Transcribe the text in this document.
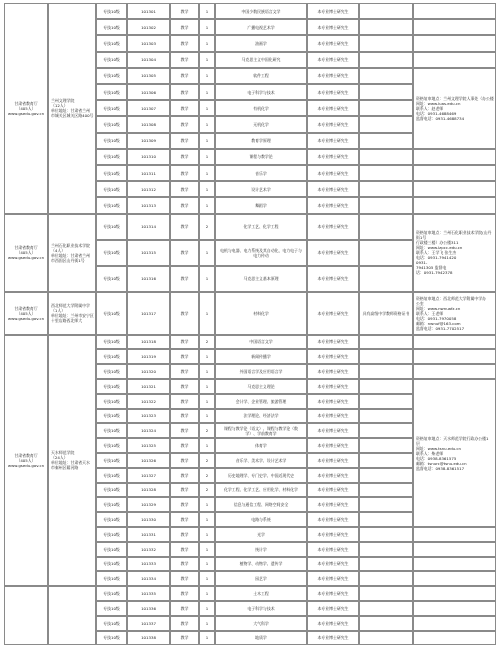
甘肃省教育厅
（405人）
www.gsedu.gov.cn
兰州文理学院
（12人）
单位地址：甘肃省兰州
市城关区城关区路400号
专技10级	101301	教学	1	中国少数民族语言文学	本专业博士研究生
专技10级	101302	教学	1	广播电视艺术学	本专业博士研究生
专技10级	101303	教学	1	油画学	本专业博士研究生
专技10级	101304	教学	1	马克思主义中国化研究	本专业博士研究生
专技10级	101305	教学	1	软件工程	本专业博士研究生
专技10级	101306	教学	1	电子科学与技术	本专业博士研究生
专技10级	101307	教学	1	有机化学	本专业博士研究生
专技10级	101308	教学	1	无机化学	本专业博士研究生
专技10级	101309	教学	1	教育学原理	本专业博士研究生
专技10级	101310	教学	1	课程与教学论	本专业博士研究生
专技10级	101311	教学	1	音乐学	本专业博士研究生
专技10级	101312	教学	1	设计艺术学	本专业博士研究生
专技10级	101313	教学	1	舞蹈学	本专业博士研究生
资格复审地点：兰州文理学院人事处（办公楼
网址：www.luas.edu.cn
联系人：赵老师
电话：0931-4688469
监督电话：0931-4688734
甘肃省教育厅
（405人）
www.gsedu.gov.cn
兰州石化职业技术学院
（4人）
单位地址：甘肃省兰州
市西固区山丹街1号
专技10级	101314	教学	2	化学工艺、化学工程	本专业博士研究生
专技10级	101315	教学	1	电机与电器、电力系统及其自动化、电力电子与
电力传动	本专业博士研究生
专技10级	101316	教学	1	马克思主义基本原理	本专业博士研究生
资格复审地点：兰州石化职业技术学院(山丹街1号
行政楼三楼）办公楼311
网址：www.lzpcc.edu.cn
联系人：王学飞 张生杰
电话：0931-7941420
0931-
7941305 监督电
话：0931-7942378
甘肃省教育厅
（405人）
www.gsedu.gov.cn
西北师范大学附属中学
（1人）
单位地址：兰州市安宁区
十里店路西北师大
专技10级	101317	教学	1	材料化学	本专业博士研究生	具有高级中学教师资格证书
资格复审地点：西北师范大学附属中学办
公室
网址：www.nwnuafz.cn
联系人：王老师
电话：0931-7970058
邮箱：nwnuf@163.com
监督电话：0931-7702517
甘肃省教育厅
（405人）
www.gsedu.gov.cn
天水师范学院
（24人）
单位地址：甘肃省天水
市秦州区藉河路
专技10级	101318	教学	2	中国语言文学	本专业博士研究生
专技10级	101319	教学	1	新闻传播学	本专业博士研究生
专技10级	101320	教学	1	外国语言学及应用语言学	本专业博士研究生
专技10级	101321	教学	1	马克思主义理论	本专业博士研究生
专技10级	101322	教学	1	会计学、企业管理、旅游管理	本专业博士研究生
专技10级	101323	教学	1	法学理论、经济法学	本专业博士研究生
专技10级	101324	教学	2	课程与教学论（语文）、课程与教学论（数
学）、学前教育学	本专业博士研究生
专技10级	101325	教学	1	体育学	本专业博士研究生
专技10级	101326	教学	2	音乐学、美术学、设计艺术学	本专业博士研究生
专技10级	101327	教学	2	历史地理学、专门史学、中国近现代史	本专业博士研究生
专技10级	101328	教学	2	化学工程、化学工艺、应用化学、材料化学	本专业博士研究生
专技10级	101329	教学	1	信息与通信工程、网络空间安全	本专业博士研究生
专技10级	101330	教学	1	电路与系统	本专业博士研究生
专技10级	101331	教学	1	光学	本专业博士研究生
专技10级	101332	教学	1	统计学	本专业博士研究生
专技10级	101333	教学	1	植物学、动物学、遗传学	本专业博士研究生
专技10级	101334	教学	1	园艺学	本专业博士研究生
资格复审地点：天水师范学院行政办公楼1
层
网址：www.tsnu.edu.cn
联系人：柴老师
电话：0938-8361575
邮箱：tsnurc@tsnu.edu.cn
监督电话：0938-8361517
专技10级	101335	教学	1	土木工程	本专业博士研究生
专技10级	101336	教学	1	电子科学与技术	本专业博士研究生
专技10级	101337	教学	1	大气科学	本专业博士研究生
专技10级	101338	教学	1	地质学	本专业博士研究生
